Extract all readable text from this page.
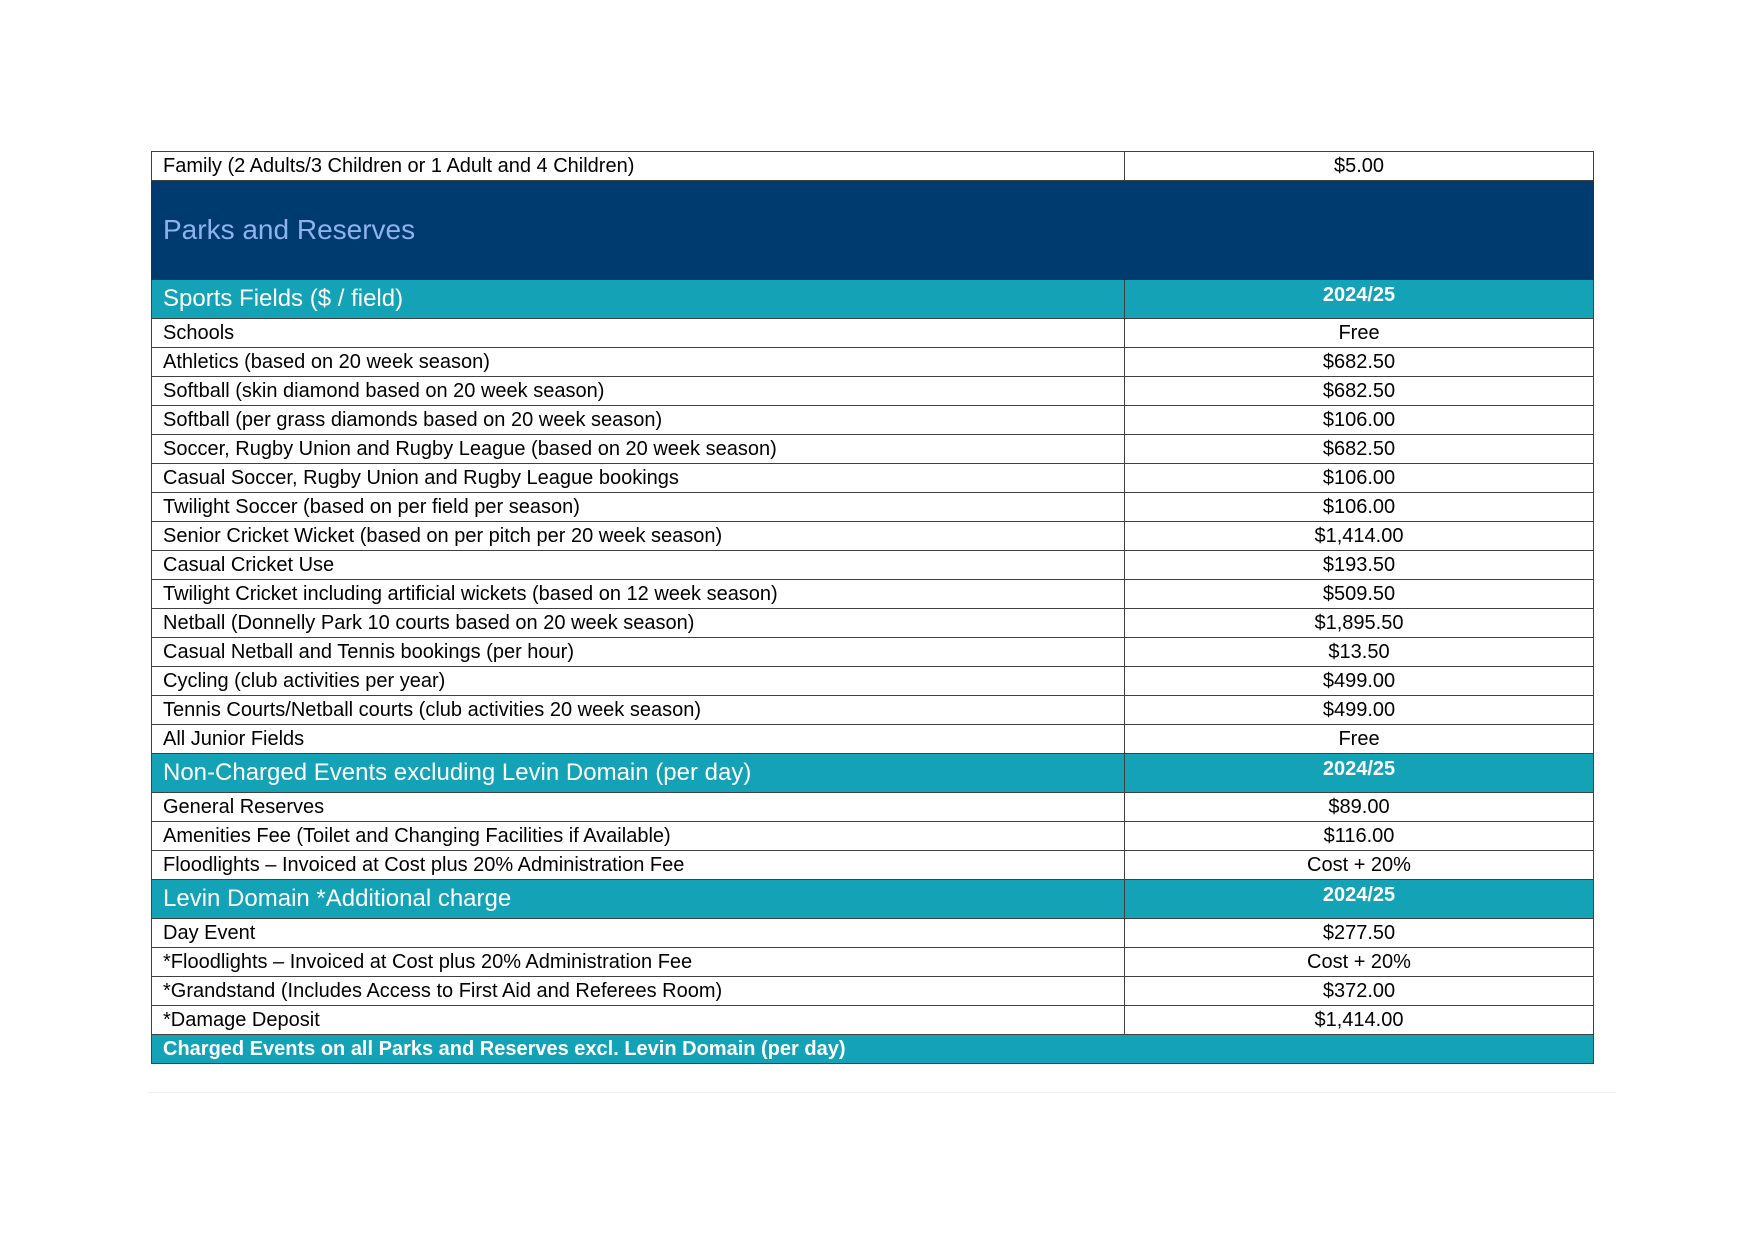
Family (2 Adults/3 Children or 1 Adult and 4 Children)	$5.00
Parks and Reserves	
Sports Fields ($ / field)	2024/25
Schools	Free
Athletics (based on 20 week season)	$682.50
Softball (skin diamond based on 20 week season)	$682.50
Softball (per grass diamonds based on 20 week season)	$106.00
Soccer, Rugby Union and Rugby League (based on 20 week season)	$682.50
Casual Soccer, Rugby Union and Rugby League bookings	$106.00
Twilight Soccer (based on per field per season)	$106.00
Senior Cricket Wicket (based on per pitch per 20 week season)	$1,414.00
Casual Cricket Use	$193.50
Twilight Cricket including artificial wickets (based on 12 week season)	$509.50
Netball (Donnelly Park 10 courts based on 20 week season)	$1,895.50
Casual Netball and Tennis bookings (per hour)	$13.50
Cycling (club activities per year)	$499.00
Tennis Courts/Netball courts (club activities 20 week season)	$499.00
All Junior Fields	Free
Non-Charged Events excluding Levin Domain (per day)	2024/25
General Reserves	$89.00
Amenities Fee (Toilet and Changing Facilities if Available)	$116.00
Floodlights – Invoiced at Cost plus 20% Administration Fee	Cost + 20%
Levin Domain *Additional charge	2024/25
Day Event	$277.50
*Floodlights – Invoiced at Cost plus 20% Administration Fee	Cost + 20%
*Grandstand (Includes Access to First Aid and Referees Room)	$372.00
*Damage Deposit	$1,414.00
Charged Events on all Parks and Reserves excl. Levin Domain (per day)	
